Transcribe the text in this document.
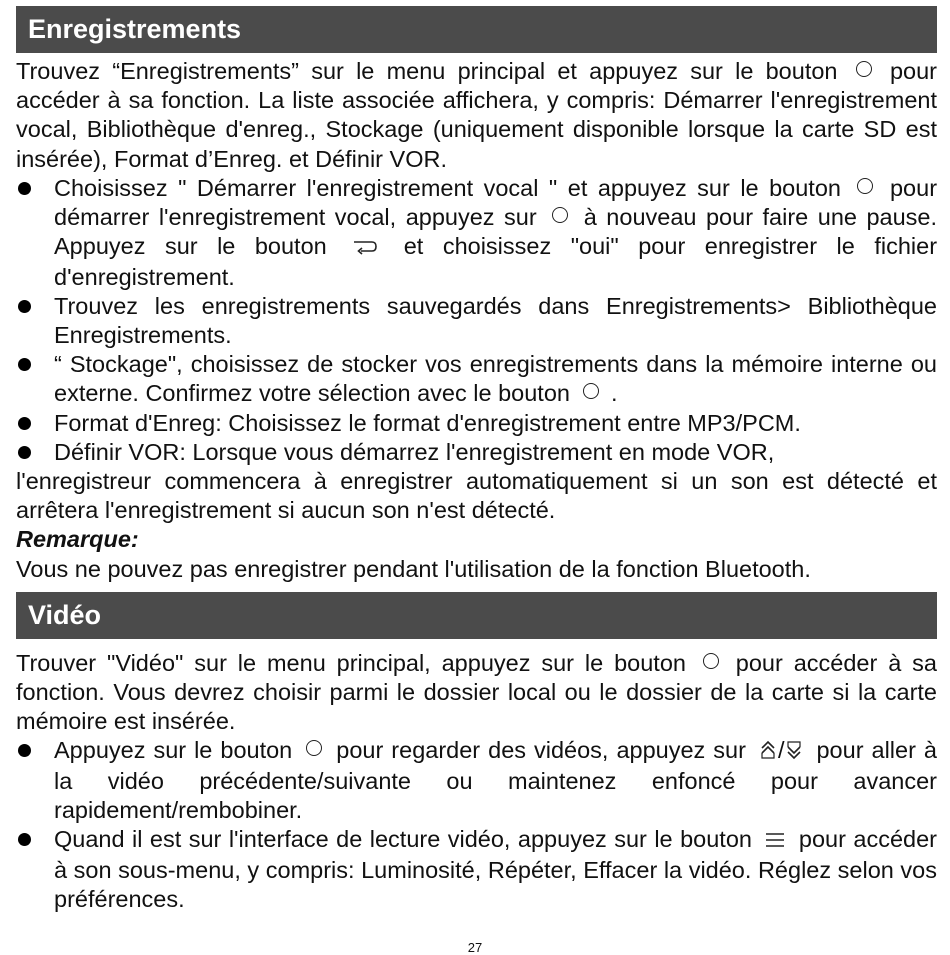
Enregistrements

Trouvez “Enregistrements” sur le menu principal et appuyez sur le bouton pour accéder à sa fonction. La liste associée affichera, y compris: Démarrer l'enregistrement vocal, Bibliothèque d'enreg., Stockage (uniquement disponible lorsque la carte SD est insérée), Format d’Enreg. et Définir VOR.

Choisissez " Démarrer l'enregistrement vocal " et appuyez sur le bouton pour démarrer l'enregistrement vocal, appuyez sur à nouveau pour faire une pause. Appuyez sur le bouton	et choisissez "oui" pour enregistrer le fichier d'enregistrement.

Trouvez les enregistrements sauvegardés dans Enregistrements> Bibliothèque Enregistrements.

“ Stockage", choisissez de stocker vos enregistrements dans la mémoire interne ou externe. Confirmez votre sélection avec le bouton .

Format d'Enreg: Choisissez le format d'enregistrement entre MP3/PCM.

Définir VOR: Lorsque vous démarrez l'enregistrement en mode VOR,
l'enregistreur commencera à enregistrer automatiquement si un son est détecté et arrêtera l'enregistrement si aucun son n'est détecté.

Remarque:

Vous ne pouvez pas enregistrer pendant l'utilisation de la fonction Bluetooth.

Vidéo

Trouver "Vidéo" sur le menu principal, appuyez sur le bouton pour accéder à sa fonction. Vous devrez choisir parmi le dossier local ou le dossier de la carte si la carte mémoire est insérée.

Appuyez sur le bouton pour regarder des vidéos, appuyez sur / pour aller à la vidéo précédente/suivante ou maintenez enfoncé pour avancer rapidement/rembobiner.

Quand il est sur l'interface de lecture vidéo, appuyez sur le bouton pour accéder à son sous-menu, y compris: Luminosité, Répéter, Effacer la vidéo. Réglez selon vos préférences.

27
